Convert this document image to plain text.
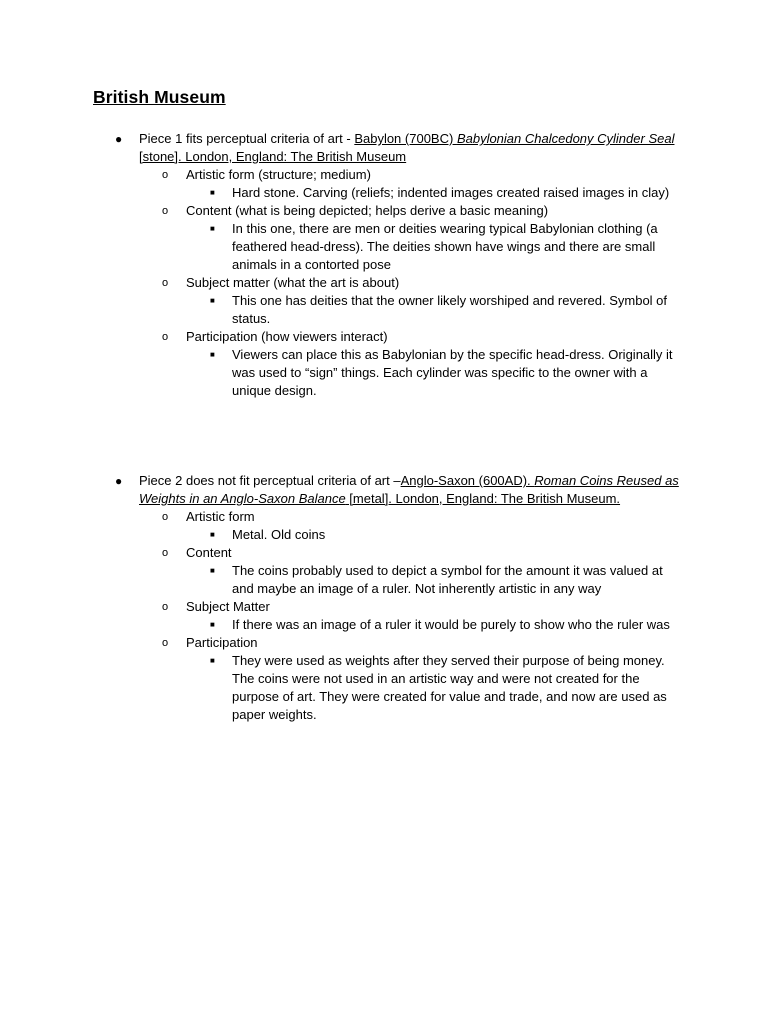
British Museum
● Piece 1 fits perceptual criteria of art - Babylon (700BC) Babylonian Chalcedony Cylinder Seal [stone]. London, England: The British Museum
o Artistic form (structure; medium)
■ Hard stone. Carving (reliefs; indented images created raised images in clay)
o Content (what is being depicted; helps derive a basic meaning)
■ In this one, there are men or deities wearing typical Babylonian clothing (a feathered head-dress). The deities shown have wings and there are small animals in a contorted pose
o Subject matter (what the art is about)
■ This one has deities that the owner likely worshiped and revered. Symbol of status.
o Participation (how viewers interact)
■ Viewers can place this as Babylonian by the specific head-dress. Originally it was used to “sign” things. Each cylinder was specific to the owner with a unique design.
● Piece 2 does not fit perceptual criteria of art –Anglo-Saxon (600AD). Roman Coins Reused as Weights in an Anglo-Saxon Balance [metal]. London, England: The British Museum.
o Artistic form
■ Metal. Old coins
o Content
■ The coins probably used to depict a symbol for the amount it was valued at and maybe an image of a ruler. Not inherently artistic in any way
o Subject Matter
■ If there was an image of a ruler it would be purely to show who the ruler was
o Participation
■ They were used as weights after they served their purpose of being money. The coins were not used in an artistic way and were not created for the purpose of art. They were created for value and trade, and now are used as paper weights.
